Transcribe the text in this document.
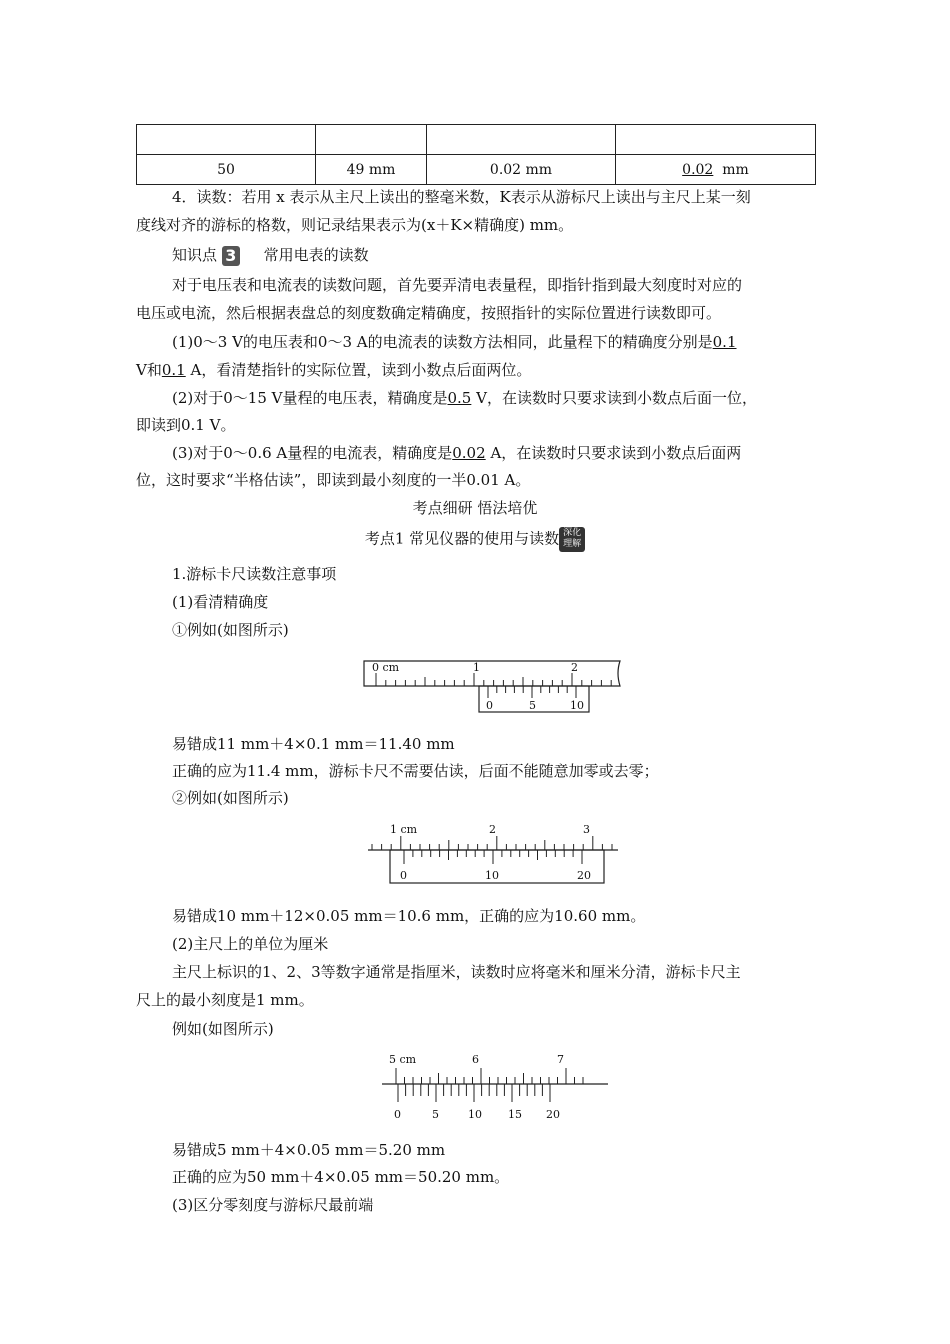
50	49 mm	0.02 mm	0.02 mm
4．读数：若用 x 表示从主尺上读出的整毫米数，K表示从游标尺上读出与主尺上某一刻
度线对齐的游标的格数，则记录结果表示为(x＋K×精确度) mm。
知识点 3 常用电表的读数
对于电压表和电流表的读数问题，首先要弄清电表量程，即指针指到最大刻度时对应的
电压或电流，然后根据表盘总的刻度数确定精确度，按照指针的实际位置进行读数即可。
(1)0～3 V的电压表和0～3 A的电流表的读数方法相同，此量程下的精确度分别是0.1
V和0.1 A，看清楚指针的实际位置，读到小数点后面两位。
(2)对于0～15 V量程的电压表，精确度是0.5 V，在读数时只要求读到小数点后面一位，
即读到0.1 V。
(3)对于0～0.6 A量程的电流表，精确度是0.02 A，在读数时只要求读到小数点后面两
位，这时要求“半格估读”，即读到最小刻度的一半0.01 A。
考点细研 悟法培优
考点1 常见仪器的使用与读数 深化
理解
1.游标卡尺读数注意事项
(1)看清精确度
①例如(如图所示)
0 cm	1	2
0	5	10
易错成11 mm＋4×0.1 mm＝11.40 mm
正确的应为11.4 mm，游标卡尺不需要估读，后面不能随意加零或去零；
②例如(如图所示)
1 cm	2	3
0	10	20
易错成10 mm＋12×0.05 mm＝10.6 mm，正确的应为10.60 mm。
(2)主尺上的单位为厘米
主尺上标识的1、2、3等数字通常是指厘米，读数时应将毫米和厘米分清，游标卡尺主
尺上的最小刻度是1 mm。
例如(如图所示)
5 cm	6	7
0	5	10 15 20
易错成5 mm＋4×0.05 mm＝5.20 mm
正确的应为50 mm＋4×0.05 mm＝50.20 mm。
(3)区分零刻度与游标尺最前端
